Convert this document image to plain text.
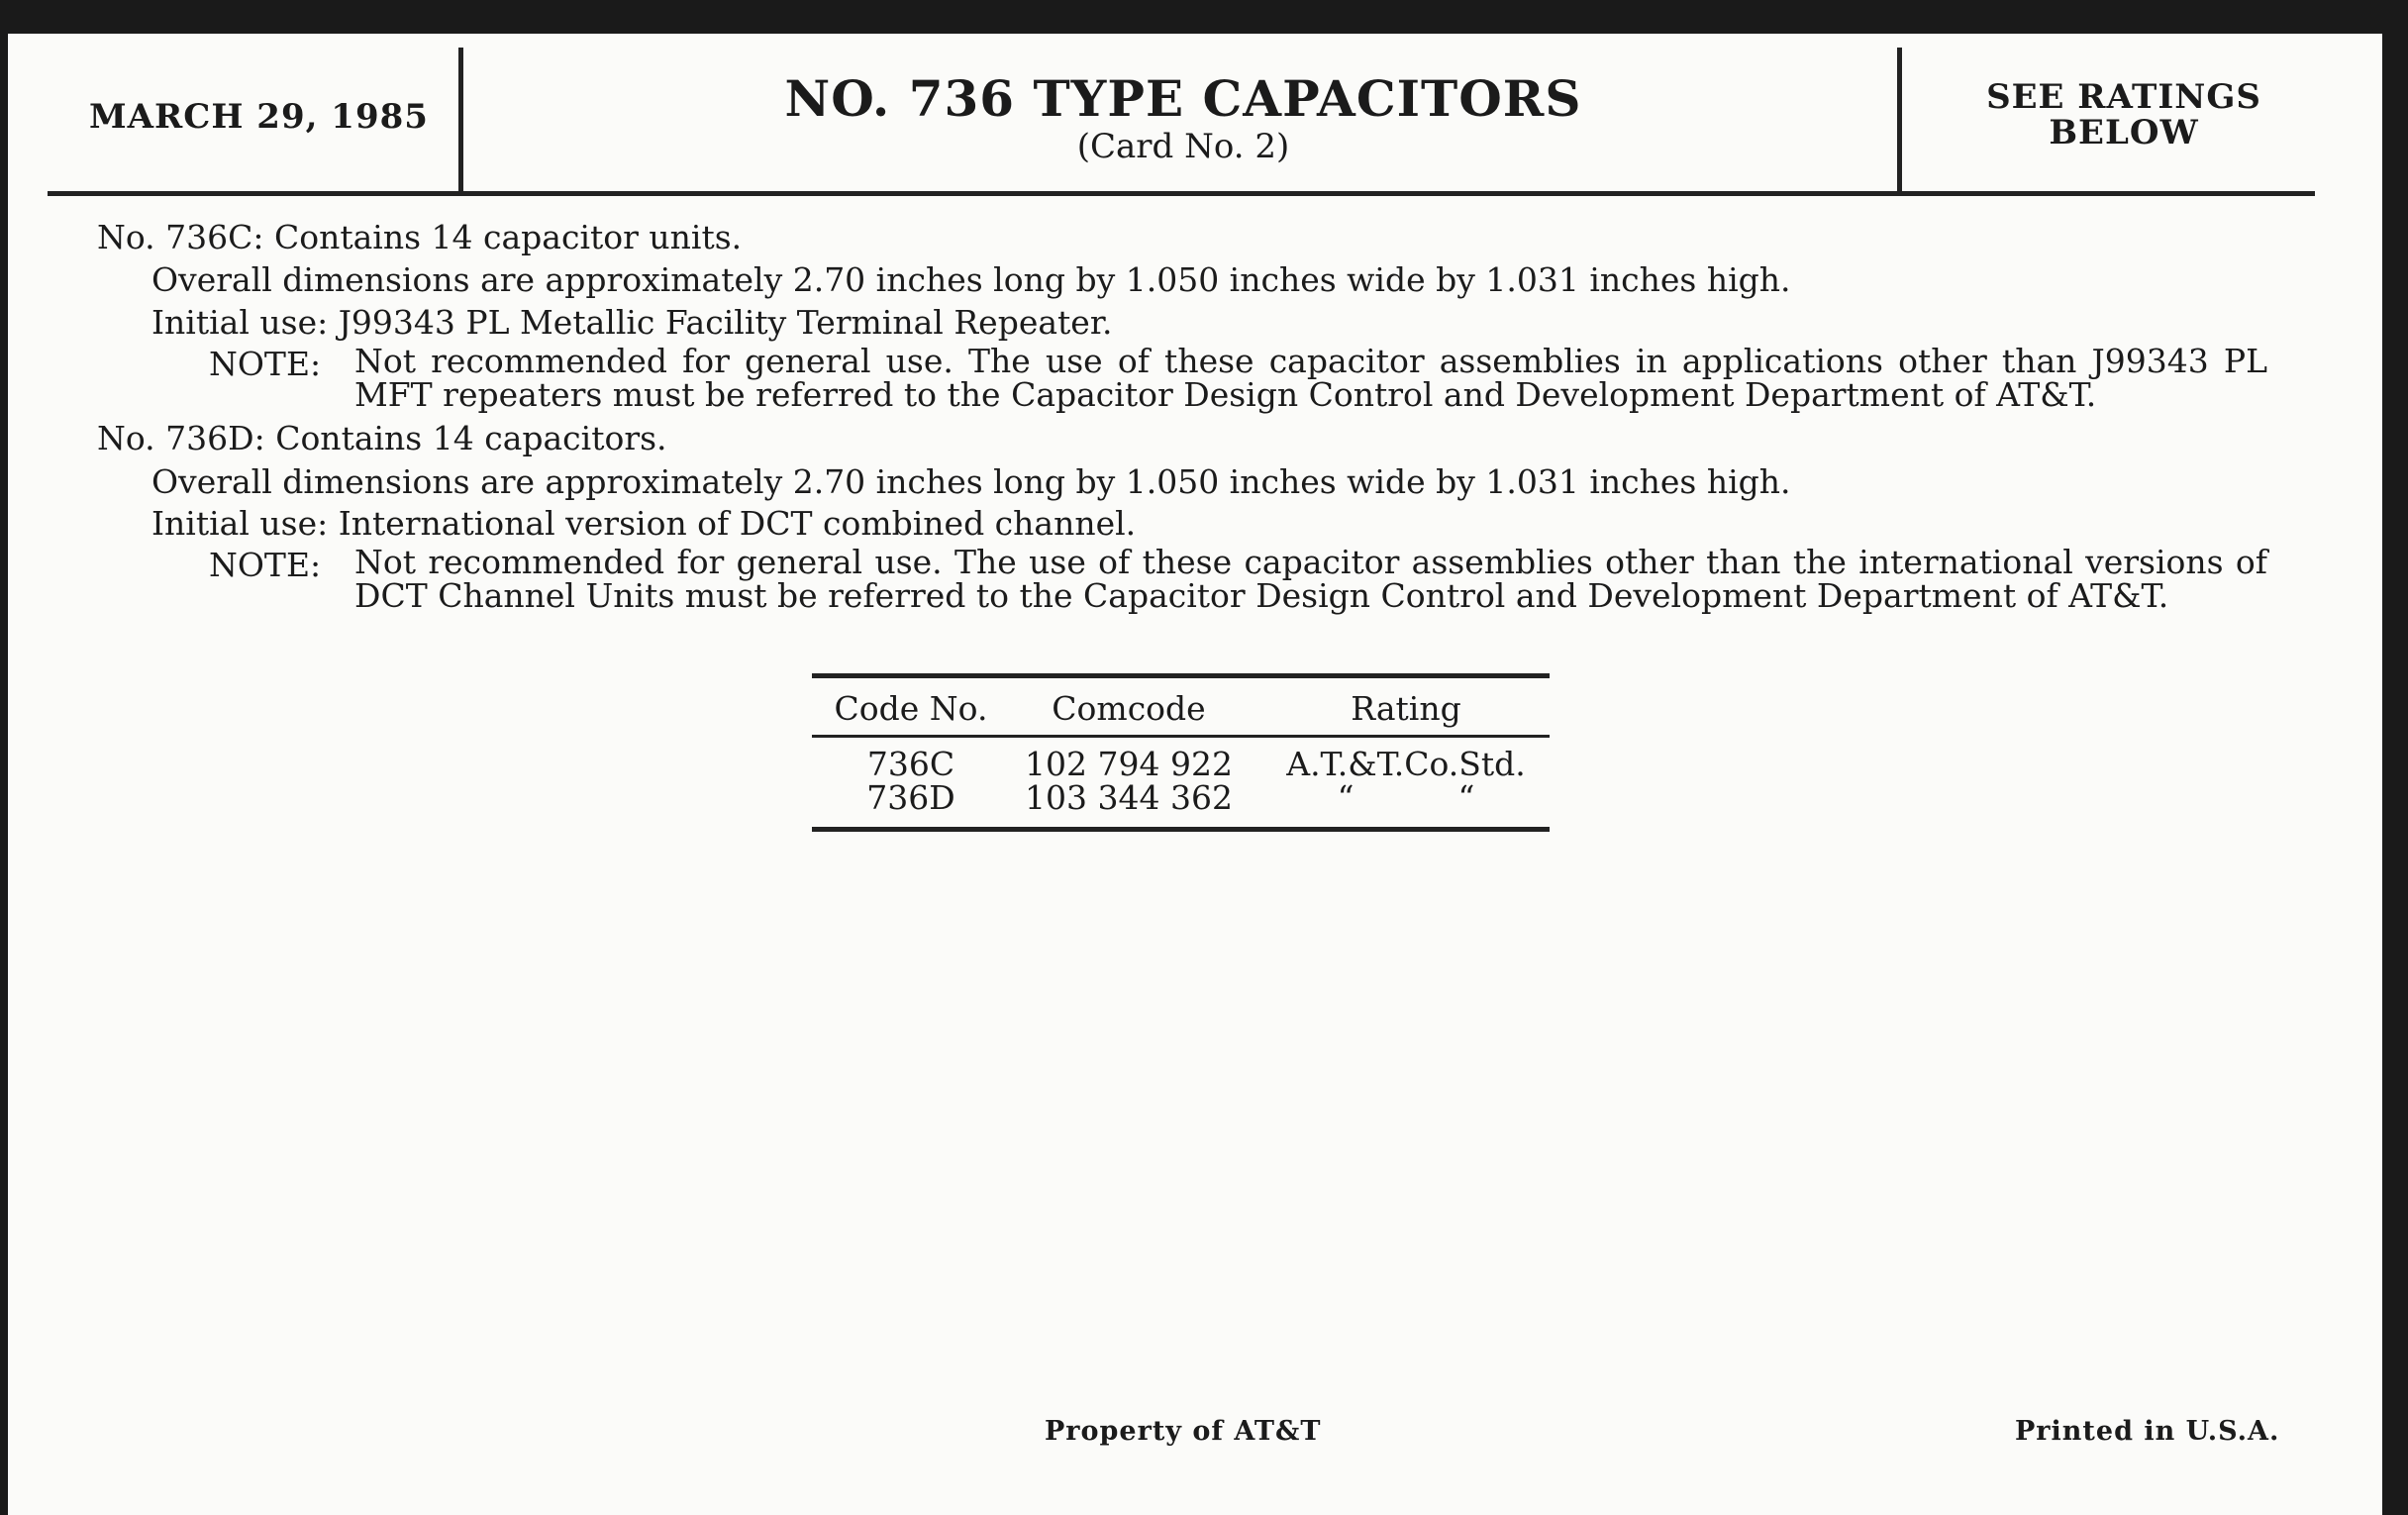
MARCH 29, 1985	NO. 736 TYPE CAPACITORS
(Card No. 2)
SEE RATINGS
BELOW
No. 736C: Contains 14 capacitor units.
Overall dimensions are approximately 2.70 inches long by 1.050 inches wide by 1.031 inches high.
Initial use: J99343 PL Metallic Facility Terminal Repeater.
NOTE: Not recommended for general use. The use of these capacitor assemblies in applications other than J99343 PL MFT repeaters must be referred to the Capacitor Design Control and Development Department of AT&T.
No. 736D: Contains 14 capacitors.
Overall dimensions are approximately 2.70 inches long by 1.050 inches wide by 1.031 inches high.
Initial use: International version of DCT combined channel.
NOTE: Not recommended for general use. The use of these capacitor assemblies other than the international versions of DCT Channel Units must be referred to the Capacitor Design Control and Development Department of AT&T.
Code No.	Comcode	Rating
736C	102 794 922	A.T.&T.Co.Std.
736D	103 344 362	“          “
Property of AT&T	Printed in U.S.A.
